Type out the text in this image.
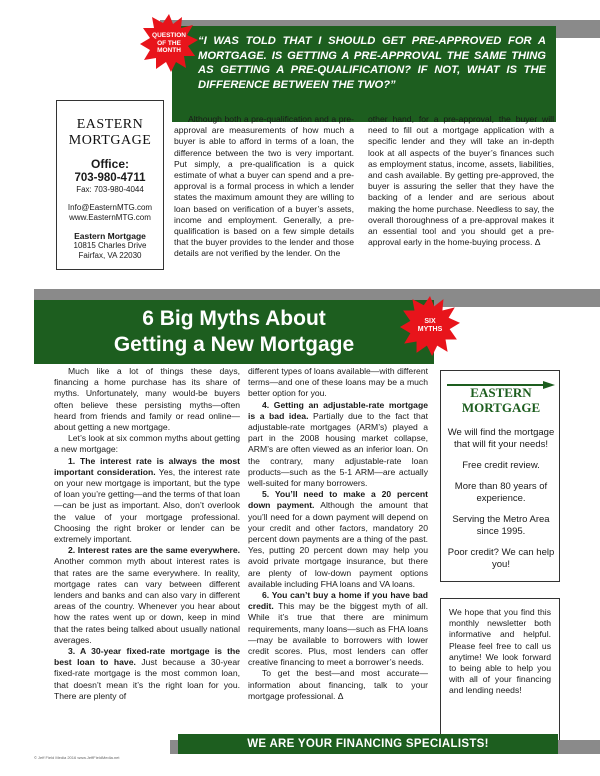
“I WAS TOLD THAT I SHOULD GET PRE-APPROVED FOR A MORTGAGE. IS GETTING A PRE-APPROVAL THE SAME THING AS GETTING A PRE-QUALIFICATION? IF NOT, WHAT IS THE DIFFERENCE BETWEEN THE TWO?”

QUESTION
OF THE
MONTH
EASTERN
MORTGAGE
Office:
703-980-4711
Fax: 703-980-4044
Info@EasternMTG.com
www.EasternMTG.com
Eastern Mortgage
10815 Charles Drive
Fairfax, VA 22030

Although both a pre-qualification and a pre-approval are measurements of how much a buyer is able to afford in terms of a loan, the difference between the two is very important. Put simply, a pre-qualification is a quick estimate of what a buyer can spend and a pre-approval is a formal process in which a lender states the maximum amount they are willing to loan based on verification of a buyer’s assets, income and employment. Generally, a pre-qualification is based on a few simple details that the buyer provides to the lender and those details are not verified by the lender. On the

other hand, for a pre-approval, the buyer will need to fill out a mortgage application with a specific lender and they will take an in-depth look at all aspects of the buyer’s finances such as employment status, income, assets, liabilities, and cash available. By getting pre-approved, the buyer is assuring the seller that they have the backing of a lender and are serious about making the home purchase. Needless to say, the overall thoroughness of a pre-approval makes it an essential tool and you should get a pre-approval early in the home-buying process. Δ

6 Big Myths About
Getting a New Mortgage
SIX
MYTHS

Much like a lot of things these days, financing a home purchase has its share of myths. Unfortunately, many would-be buyers often believe these persisting myths—often heard from friends and family or read online—about getting a new mortgage.

Let’s look at six common myths about getting a new mortgage:

1. The interest rate is always the most important consideration. Yes, the interest rate on your new mortgage is important, but the type of loan you’re getting—and the terms of that loan—can be just as important. Also, don’t overlook the value of your mortgage professional. Choosing the right broker or lender can be extremely important.

2. Interest rates are the same everywhere. Another common myth about interest rates is that rates are the same everywhere. In reality, mortgage rates can vary between different lenders and banks and can also vary in different areas of the country. Whenever you hear about how the rates went up or down, keep in mind that the rates being talked about usually national averages.

3. A 30-year fixed-rate mortgage is the best loan to have. Just because a 30-year fixed-rate mortgage is the most common loan, that doesn’t mean it’s the right loan for you. There are plenty of

different types of loans available—with different terms—and one of these loans may be a much better option for you.

4. Getting an adjustable-rate mortgage is a bad idea. Partially due to the fact that adjustable-rate mortgages (ARM’s) played a part in the 2008 housing market collapse, ARM’s are often viewed as an inferior loan. On the contrary, many adjustable-rate loan products—such as the 5-1 ARM—are actually well-suited for many borrowers.

5. You’ll need to make a 20 percent down payment. Although the amount that you’ll need for a down payment will depend on your credit and other factors, mandatory 20 percent down payments are a thing of the past. Yes, putting 20 percent down may help you avoid private mortgage insurance, but there are plenty of low-down payment options available including FHA loans and VA loans.

6. You can’t buy a home if you have bad credit. This may be the biggest myth of all. While it’s true that there are minimum requirements, many loans—such as FHA loans—may be available to borrowers with lower credit scores. Plus, most lenders can offer creative financing to meet a borrower’s needs.

To get the best—and most accurate—information about financing, talk to your mortgage professional. Δ

EASTERN
MORTGAGE
We will find the mortgage that will fit your needs!
Free credit review.
More than 80 years of experience.
Serving the Metro Area since 1995.
Poor credit? We can help you!
We hope that you find this monthly newsletter both informative and helpful. Please feel free to call us anytime! We look forward to being able to help you with all of your financing and lending needs!
WE ARE YOUR FINANCING SPECIALISTS!
© Jeff Field Media 2016 www.JeffFieldMedia.net
